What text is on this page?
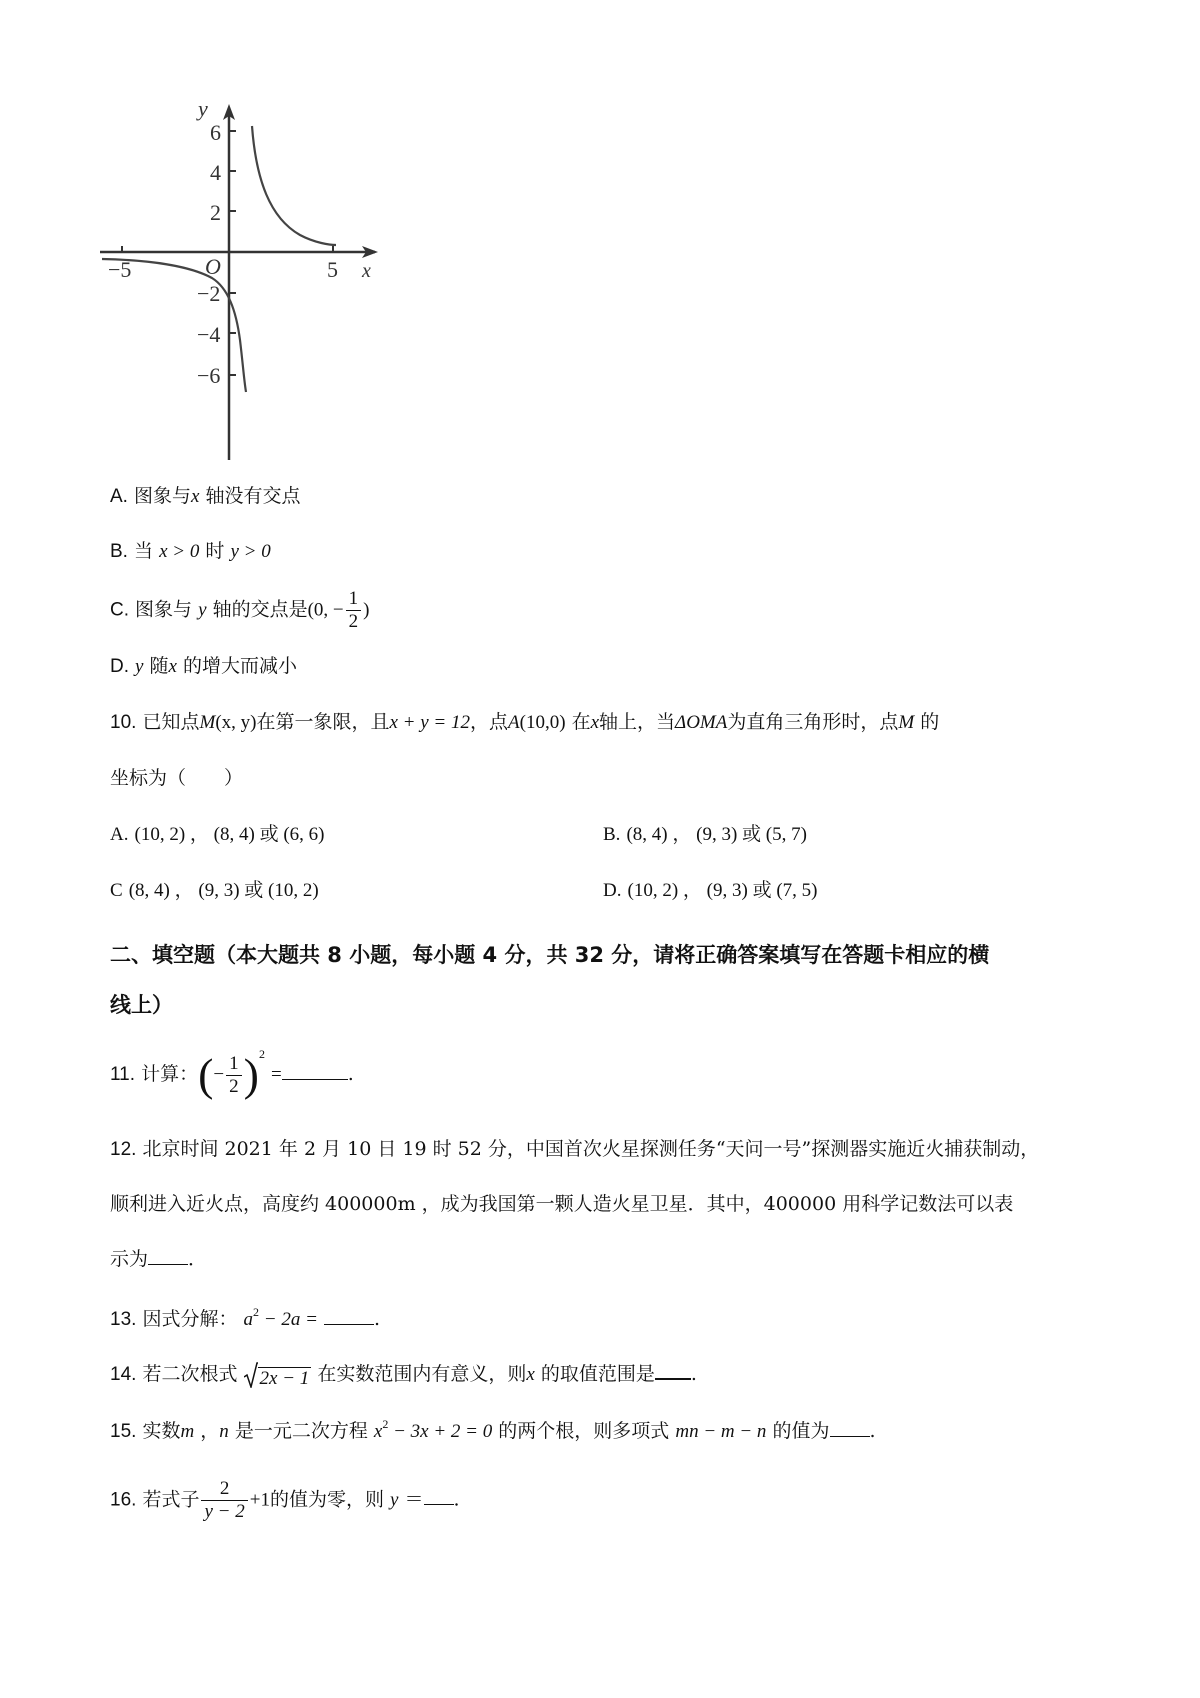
y
x
O
6
4
2
−2
−4
−6
−5	5
A. 图象与x 轴没有交点
B. 当 x > 0 时 y > 0
C. 图象与 y 轴的交点是(0, − $\frac{1}{2}$ )
D. y 随x 的增大而减小
10. 已知点M(x, y)在第一象限，且x + y = 12，点A(10,0) 在x轴上，当ΔOMA为直角三角形时，点M 的
坐标为（　　）
A. (10, 2) ， (8, 4) 或 (6, 6)	B. (8, 4) ， (9, 3) 或 (5, 7)
C (8, 4) ， (9, 3) 或 (10, 2)	D. (10, 2) ， (9, 3) 或 (7, 5)
二、填空题（本大题共 8 小题，每小题 4 分，共 32 分，请将正确答案填写在答题卡相应的横
线上）
11. 计算：(− $\frac{1}{2} )^2$ =	.
12. 北京时间 2021 年 2 月 10 日 19 时 52 分，中国首次火星探测任务“天问一号”探测器实施近火捕获制动，
顺利进入近火点，高度约 400000m ，成为我国第一颗人造火星卫星．其中，400000 用科学记数法可以表
示为 ．
13. 因式分解： $a^2 - 2a$ =	.
14. 若二次根式 2x − 1 在实数范围内有意义，则x 的取值范围是 .
15. 实数m ，n 是一元二次方程 $x^2 - 3x + 2 = 0$ 的两个根，则多项式 mn − m − n 的值为 .
16. 若式子 $\frac{2}{y - 2} +1$的值为零，则 y ＝ .
